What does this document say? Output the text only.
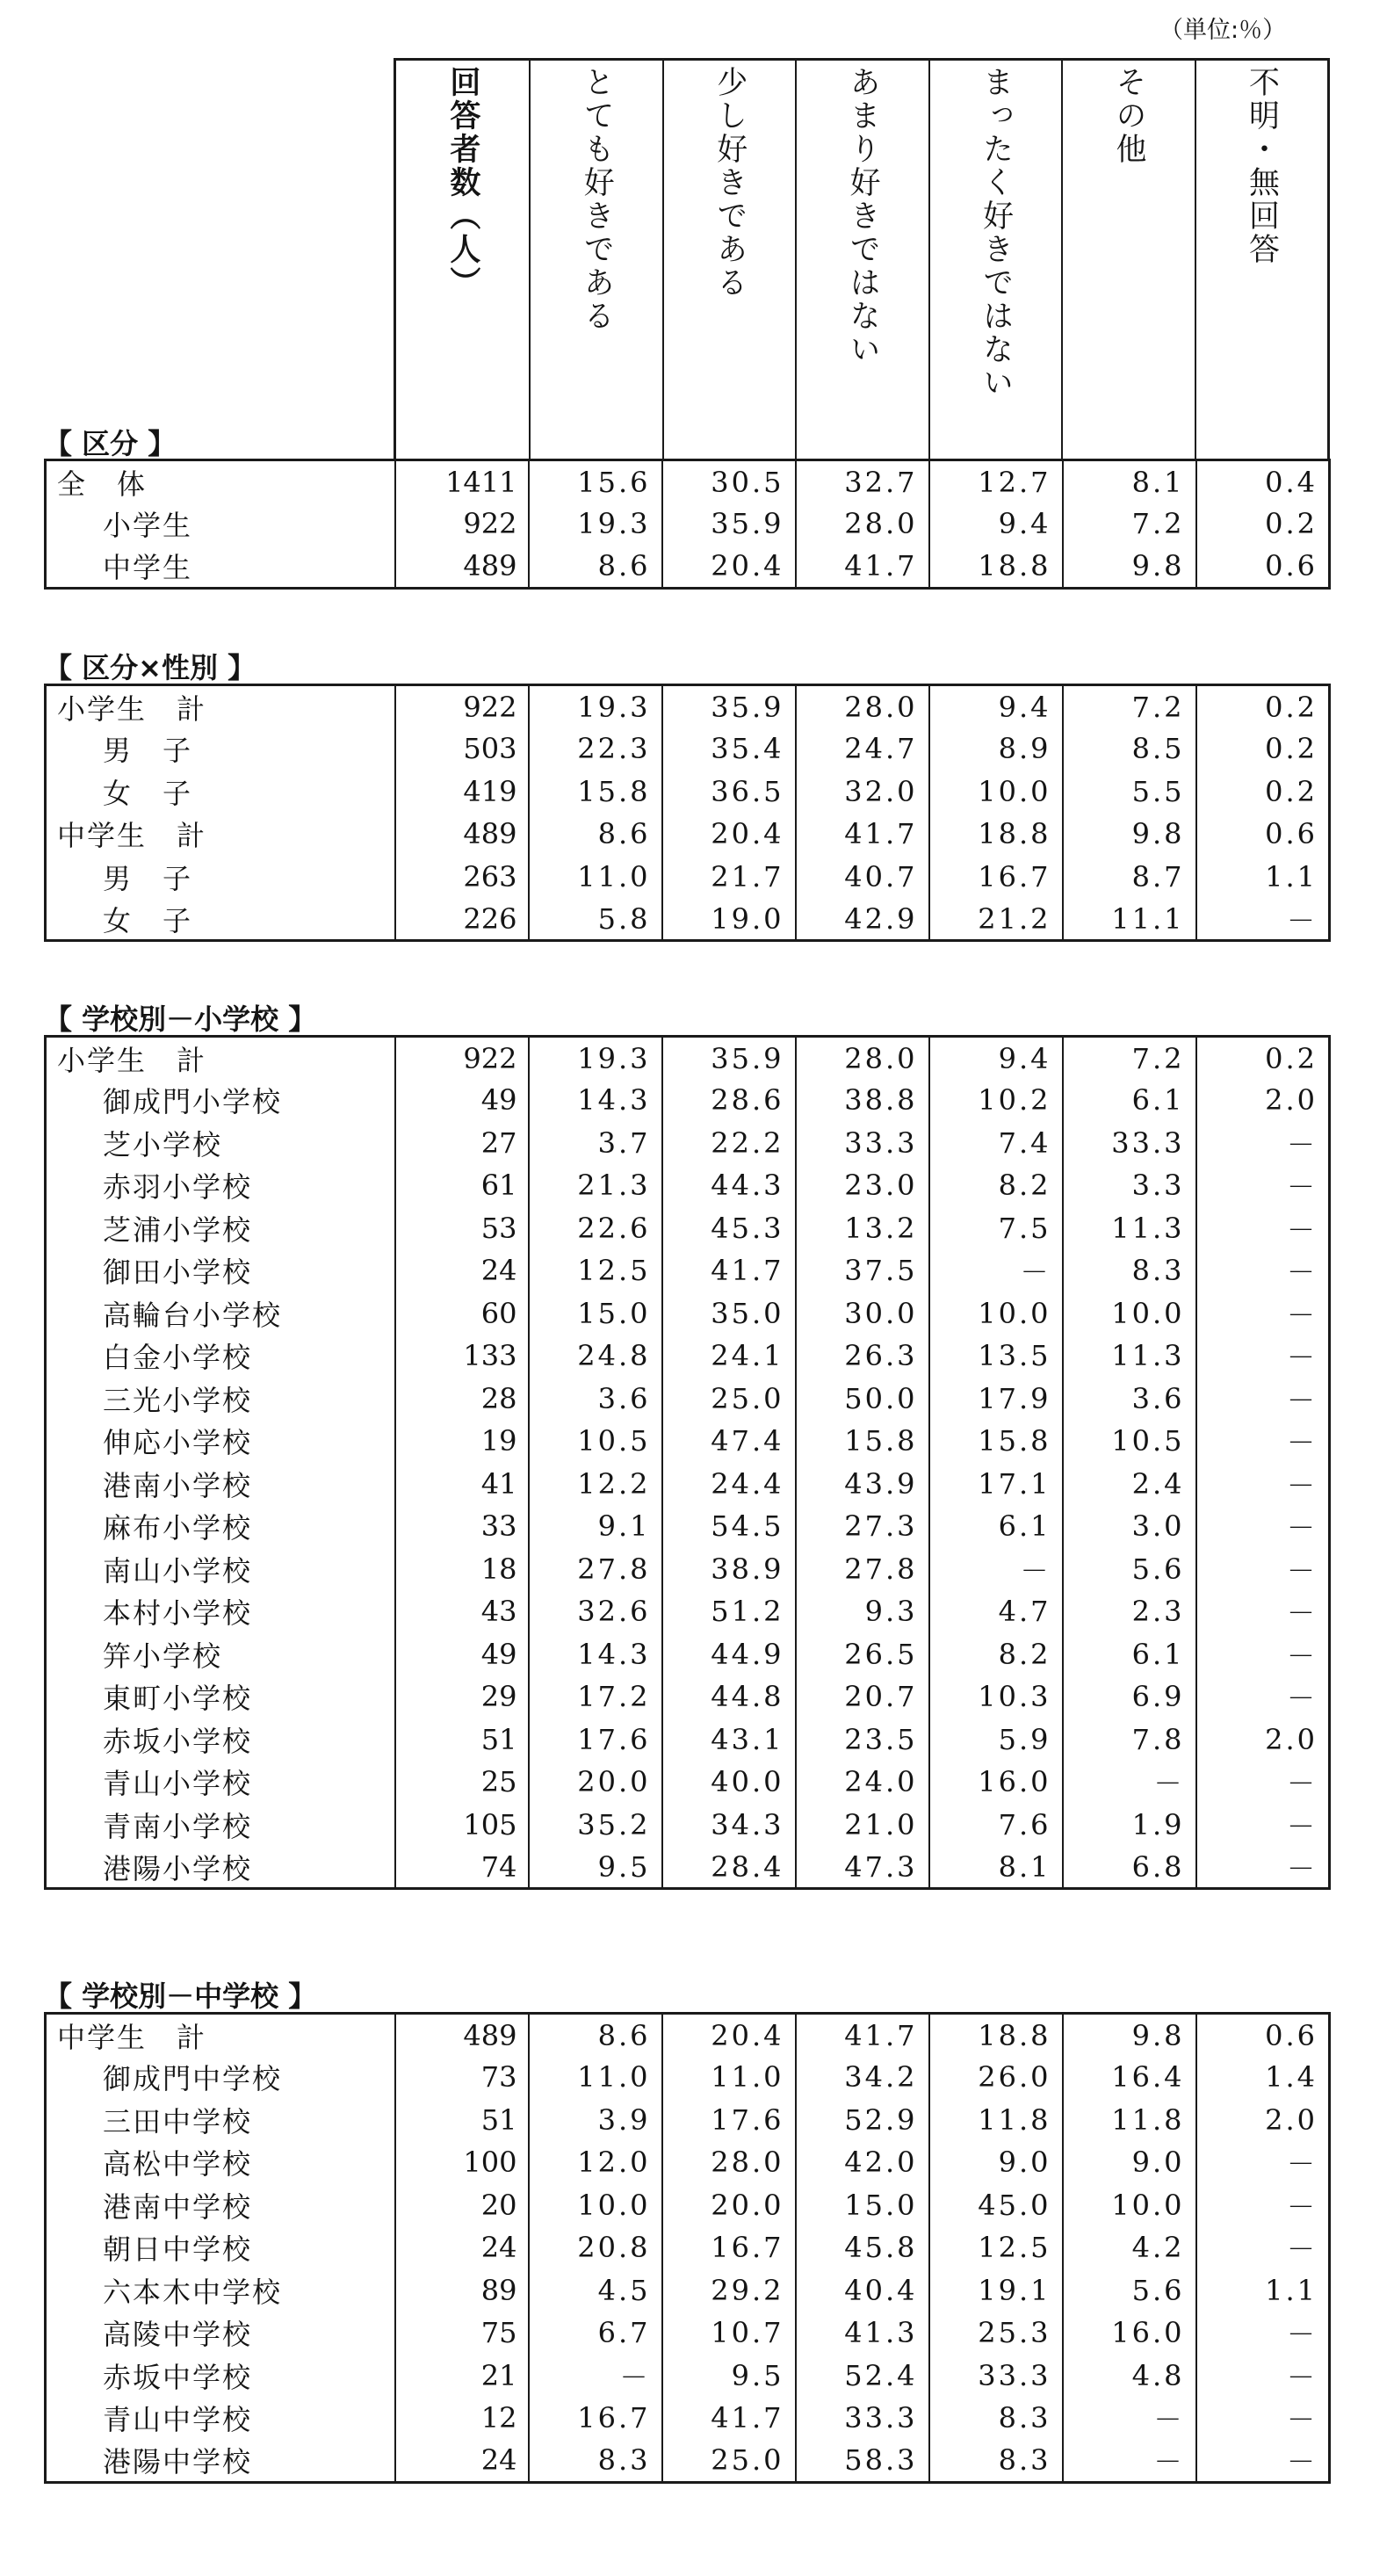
（単位:％）
回答者数（人）	とても好きである	少し好きである	あまり好きではない	まったく好きではない	その他	不明・無回答
【 区分 】
全　体	1411	15.6	30.5	32.7	12.7	8.1	0.4
小学生	922	19.3	35.9	28.0	9.4	7.2	0.2
中学生	489	8.6	20.4	41.7	18.8	9.8	0.6
【 区分×性別 】
小学生　計	922	19.3	35.9	28.0	9.4	7.2	0.2
男　子	503	22.3	35.4	24.7	8.9	8.5	0.2
女　子	419	15.8	36.5	32.0	10.0	5.5	0.2
中学生　計	489	8.6	20.4	41.7	18.8	9.8	0.6
男　子	263	11.0	21.7	40.7	16.7	8.7	1.1
女　子	226	5.8	19.0	42.9	21.2	11.1	－
【 学校別－小学校 】
小学生　計	922	19.3	35.9	28.0	9.4	7.2	0.2
御成門小学校	49	14.3	28.6	38.8	10.2	6.1	2.0
芝小学校	27	3.7	22.2	33.3	7.4	33.3	－
赤羽小学校	61	21.3	44.3	23.0	8.2	3.3	－
芝浦小学校	53	22.6	45.3	13.2	7.5	11.3	－
御田小学校	24	12.5	41.7	37.5	－	8.3	－
高輪台小学校	60	15.0	35.0	30.0	10.0	10.0	－
白金小学校	133	24.8	24.1	26.3	13.5	11.3	－
三光小学校	28	3.6	25.0	50.0	17.9	3.6	－
伸応小学校	19	10.5	47.4	15.8	15.8	10.5	－
港南小学校	41	12.2	24.4	43.9	17.1	2.4	－
麻布小学校	33	9.1	54.5	27.3	6.1	3.0	－
南山小学校	18	27.8	38.9	27.8	－	5.6	－
本村小学校	43	32.6	51.2	9.3	4.7	2.3	－
笄小学校	49	14.3	44.9	26.5	8.2	6.1	－
東町小学校	29	17.2	44.8	20.7	10.3	6.9	－
赤坂小学校	51	17.6	43.1	23.5	5.9	7.8	2.0
青山小学校	25	20.0	40.0	24.0	16.0	－	－
青南小学校	105	35.2	34.3	21.0	7.6	1.9	－
港陽小学校	74	9.5	28.4	47.3	8.1	6.8	－
【 学校別－中学校 】
中学生　計	489	8.6	20.4	41.7	18.8	9.8	0.6
御成門中学校	73	11.0	11.0	34.2	26.0	16.4	1.4
三田中学校	51	3.9	17.6	52.9	11.8	11.8	2.0
高松中学校	100	12.0	28.0	42.0	9.0	9.0	－
港南中学校	20	10.0	20.0	15.0	45.0	10.0	－
朝日中学校	24	20.8	16.7	45.8	12.5	4.2	－
六本木中学校	89	4.5	29.2	40.4	19.1	5.6	1.1
高陵中学校	75	6.7	10.7	41.3	25.3	16.0	－
赤坂中学校	21	－	9.5	52.4	33.3	4.8	－
青山中学校	12	16.7	41.7	33.3	8.3	－	－
港陽中学校	24	8.3	25.0	58.3	8.3	－	－
